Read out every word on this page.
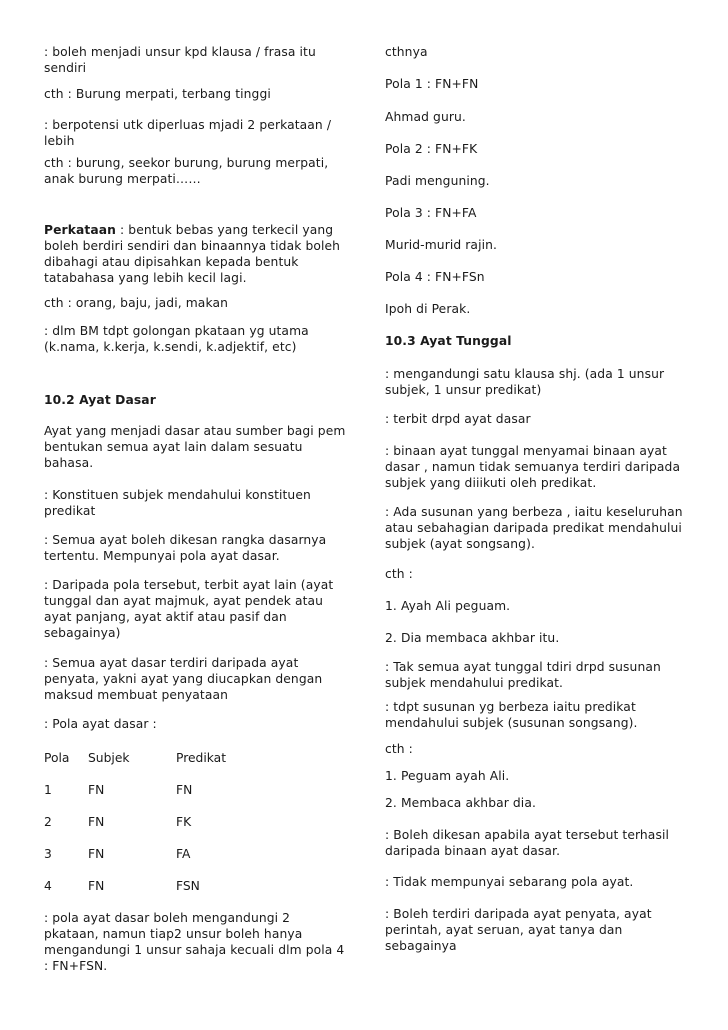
: boleh menjadi unsur kpd klausa / frasa itu
sendiri

cth : Burung merpati, terbang tinggi

: berpotensi utk diperluas mjadi 2 perkataan /
lebih

cth : burung, seekor burung, burung merpati,
anak burung merpati……

Perkataan : bentuk bebas yang terkecil yang
boleh berdiri sendiri dan binaannya tidak boleh
dibahagi atau dipisahkan kepada bentuk
tatabahasa yang lebih kecil lagi.

cth : orang, baju, jadi, makan

: dlm BM tdpt golongan pkataan yg utama
(k.nama, k.kerja, k.sendi, k.adjektif, etc)

10.2 Ayat Dasar

Ayat yang menjadi dasar atau sumber bagi pem
bentukan semua ayat lain dalam sesuatu
bahasa.

: Konstituen subjek mendahului konstituen
predikat

: Semua ayat boleh dikesan rangka dasarnya
tertentu. Mempunyai pola ayat dasar.

: Daripada pola tersebut, terbit ayat lain (ayat
tunggal dan ayat majmuk, ayat pendek atau
ayat panjang, ayat aktif atau pasif dan
sebagainya)

: Semua ayat dasar terdiri daripada ayat
penyata, yakni ayat yang diucapkan dengan
maksud membuat penyataan

: Pola ayat dasar :

Pola Subjek	Predikat
1	FN	FN
2	FN	FK
3	FN	FA
4	FN	FSN

: pola ayat dasar boleh mengandungi 2
pkataan, namun tiap2 unsur boleh hanya
mengandungi 1 unsur sahaja kecuali dlm pola 4
: FN+FSN.

cthnya

Pola 1 : FN+FN

Ahmad guru.

Pola 2 : FN+FK

Padi menguning.

Pola 3 : FN+FA

Murid-murid rajin.

Pola 4 : FN+FSn

Ipoh di Perak.

10.3 Ayat Tunggal

: mengandungi satu klausa shj. (ada 1 unsur
subjek, 1 unsur predikat)

: terbit drpd ayat dasar

: binaan ayat tunggal menyamai binaan ayat
dasar , namun tidak semuanya terdiri daripada
subjek yang diiikuti oleh predikat.

: Ada susunan yang berbeza , iaitu keseluruhan
atau sebahagian daripada predikat mendahului
subjek (ayat songsang).

cth :

1. Ayah Ali peguam.

2. Dia membaca akhbar itu.

: Tak semua ayat tunggal tdiri drpd susunan
subjek mendahului predikat.

: tdpt susunan yg berbeza iaitu predikat
mendahului subjek (susunan songsang).

cth :

1. Peguam ayah Ali.

2. Membaca akhbar dia.

: Boleh dikesan apabila ayat tersebut terhasil
daripada binaan ayat dasar.

: Tidak mempunyai sebarang pola ayat.

: Boleh terdiri daripada ayat penyata, ayat
perintah, ayat seruan, ayat tanya dan
sebagainya
